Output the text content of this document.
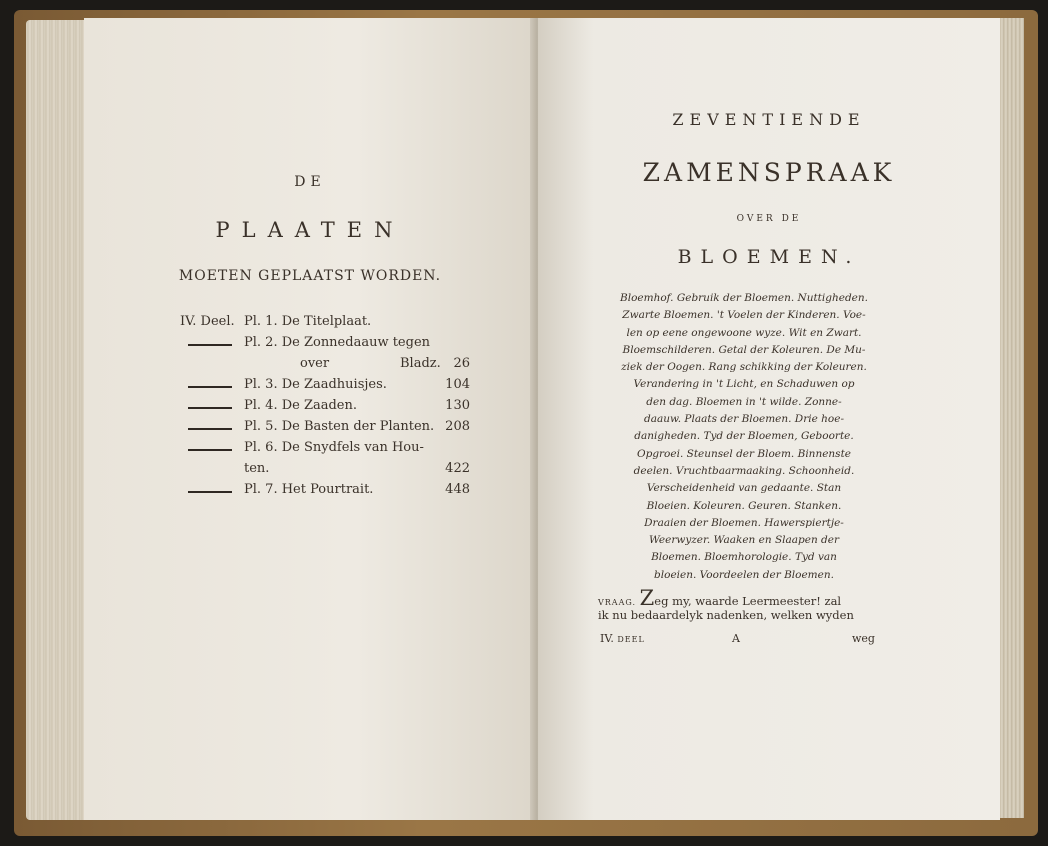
DE
PLAATEN
MOETEN GEPLAATST WORDEN.
IV. Deel. Pl. 1. De Titelplaat.
Pl. 2. De Zonnedaauw tegen
over	Bladz. 26
Pl. 3. De Zaadhuisjes.	104
Pl. 4. De Zaaden.	130
Pl. 5. De Basten der Planten. 208
Pl. 6. De Snydfels van Hou-
ten.	422
Pl. 7. Het Pourtrait.	448
ZEVENTIENDE
ZAMENSPRAAK
OVER DE
BLOEMEN.
Bloemhof. Gebruik der Bloemen. Nuttigheden.
Zwarte Bloemen. 't Voelen der Kinderen. Voe-
len op eene ongewoone wyze. Wit en Zwart.
Bloemschilderen. Getal der Koleuren. De Mu-
ziek der Oogen. Rang schikking der Koleuren.
Verandering in 't Licht, en Schaduwen op
den dag. Bloemen in 't wilde. Zonne-
daauw. Plaats der Bloemen. Drie hoe-
danigheden. Tyd der Bloemen, Geboorte.
Opgroei. Steunsel der Bloem. Binnenste
deelen. Vruchtbaarmaaking. Schoonheid.
Verscheidenheid van gedaante. Stan
Bloeien. Koleuren. Geuren. Stanken.
Draaien der Bloemen. Hawerspiertje-
Weerwyzer. Waaken en Slaapen der
Bloemen. Bloemhorologie. Tyd van
bloeien. Voordeelen der Bloemen.
VRAAG. Zeg my, waarde Leermeester! zal
ik nu bedaardelyk nadenken, welken wyden
IV. DEEL	A	weg
